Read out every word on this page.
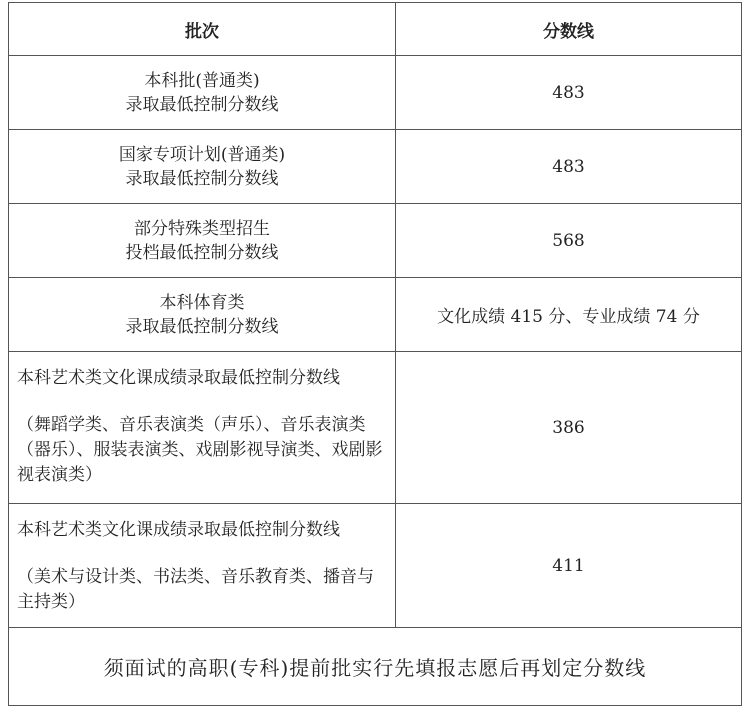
批次	分数线

本科批(普通类)
录取最低控制分数线	483

国家专项计划(普通类)
录取最低控制分数线	483

部分特殊类型招生
投档最低控制分数线	568

本科体育类
录取最低控制分数线	文化成绩 415 分、专业成绩 74 分

本科艺术类文化课成绩录取最低控制分数线
（舞蹈学类、音乐表演类（声乐）、音乐表演类（器乐）、服装表演类、戏剧影视导演类、戏剧影视表演类）	386

本科艺术类文化课成绩录取最低控制分数线
（美术与设计类、书法类、音乐教育类、播音与主持类）	411
须面试的高职(专科)提前批实行先填报志愿后再划定分数线	
